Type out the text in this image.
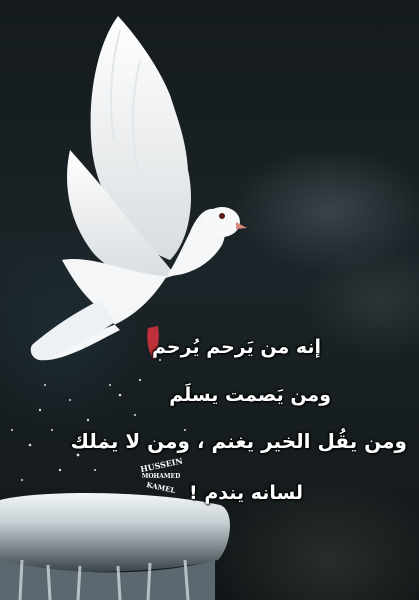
إنه من يَرحم يُرحم
ومن يَصمت يسلَم
ومن يقُل الخير يغنم ، ومن لا يملك
لسانه يندم !
HUSSEIN
MOHAMED
KAMEL
